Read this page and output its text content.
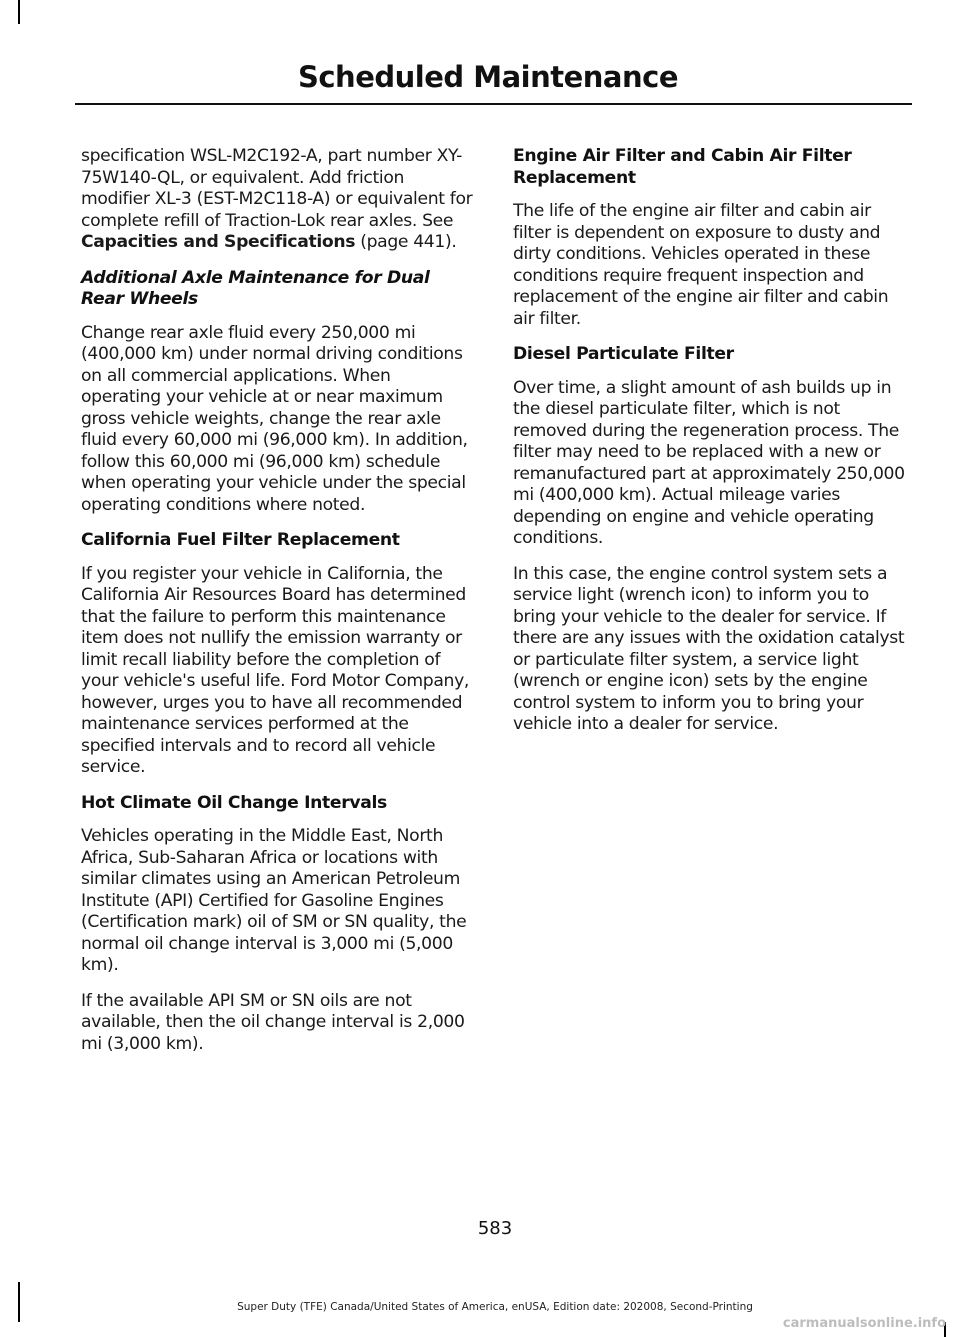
Scheduled Maintenance

specification WSL-M2C192-A, part number XY-75W140-QL, or equivalent. Add friction modifier XL-3 (EST-M2C118-A) or equivalent for complete refill of Traction-Lok rear axles. See Capacities and Specifications (page 441).

Additional Axle Maintenance for Dual Rear Wheels

Change rear axle fluid every 250,000 mi (400,000 km) under normal driving conditions on all commercial applications. When operating your vehicle at or near maximum gross vehicle weights, change the rear axle fluid every 60,000 mi (96,000 km). In addition, follow this 60,000 mi (96,000 km) schedule when operating your vehicle under the special operating conditions where noted.

California Fuel Filter Replacement

If you register your vehicle in California, the California Air Resources Board has determined that the failure to perform this maintenance item does not nullify the emission warranty or limit recall liability before the completion of your vehicle's useful life. Ford Motor Company, however, urges you to have all recommended maintenance services performed at the specified intervals and to record all vehicle service.

Hot Climate Oil Change Intervals

Vehicles operating in the Middle East, North Africa, Sub-Saharan Africa or locations with similar climates using an American Petroleum Institute (API) Certified for Gasoline Engines (Certification mark) oil of SM or SN quality, the normal oil change interval is 3,000 mi (5,000 km).

If the available API SM or SN oils are not available, then the oil change interval is 2,000 mi (3,000 km).

Engine Air Filter and Cabin Air Filter Replacement

The life of the engine air filter and cabin air filter is dependent on exposure to dusty and dirty conditions. Vehicles operated in these conditions require frequent inspection and replacement of the engine air filter and cabin air filter.

Diesel Particulate Filter

Over time, a slight amount of ash builds up in the diesel particulate filter, which is not removed during the regeneration process. The filter may need to be replaced with a new or remanufactured part at approximately 250,000 mi (400,000 km). Actual mileage varies depending on engine and vehicle operating conditions.

In this case, the engine control system sets a service light (wrench icon) to inform you to bring your vehicle to the dealer for service. If there are any issues with the oxidation catalyst or particulate filter system, a service light (wrench or engine icon) sets by the engine control system to inform you to bring your vehicle into a dealer for service.

583
Super Duty (TFE) Canada/United States of America, enUSA, Edition date: 202008, Second-Printing
carmanualsonline.info
